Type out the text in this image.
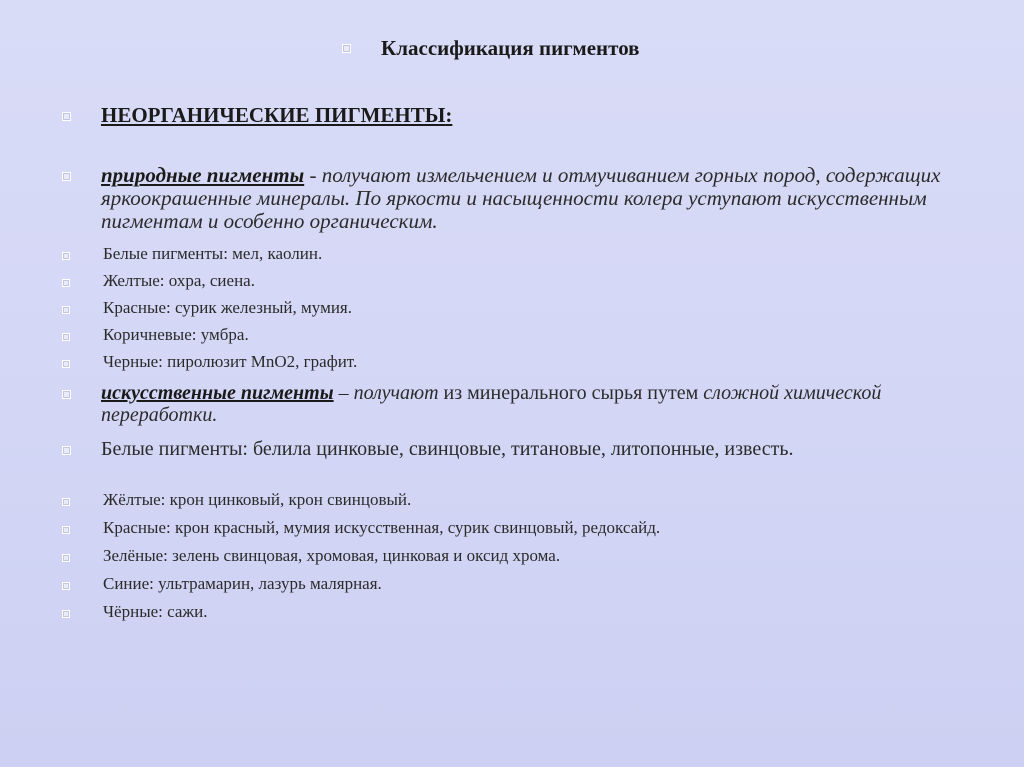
Классификация пигментов
НЕОРГАНИЧЕСКИЕ ПИГМЕНТЫ:
природные пигменты - получают измельчением и отмучиванием горных пород, содержащих яркоокрашенные минералы. По яркости и насыщенности колера уступают искусственным пигментам и особенно органическим.
Белые пигменты: мел, каолин.
Желтые: охра, сиена.
Красные: сурик железный, мумия.
Коричневые: умбра.
Черные: пиролюзит MnO2, графит.
искусственные пигменты – получают из минерального сырья путем сложной химической переработки.
Белые пигменты: белила цинковые, свинцовые, титановые, литопонные, известь.
Жёлтые: крон цинковый, крон свинцовый.
Красные: крон красный, мумия искусственная, сурик свинцовый, редоксайд.
Зелёные: зелень свинцовая, хромовая, цинковая и оксид хрома.
Синие: ультрамарин, лазурь малярная.
Чёрные: сажи.
